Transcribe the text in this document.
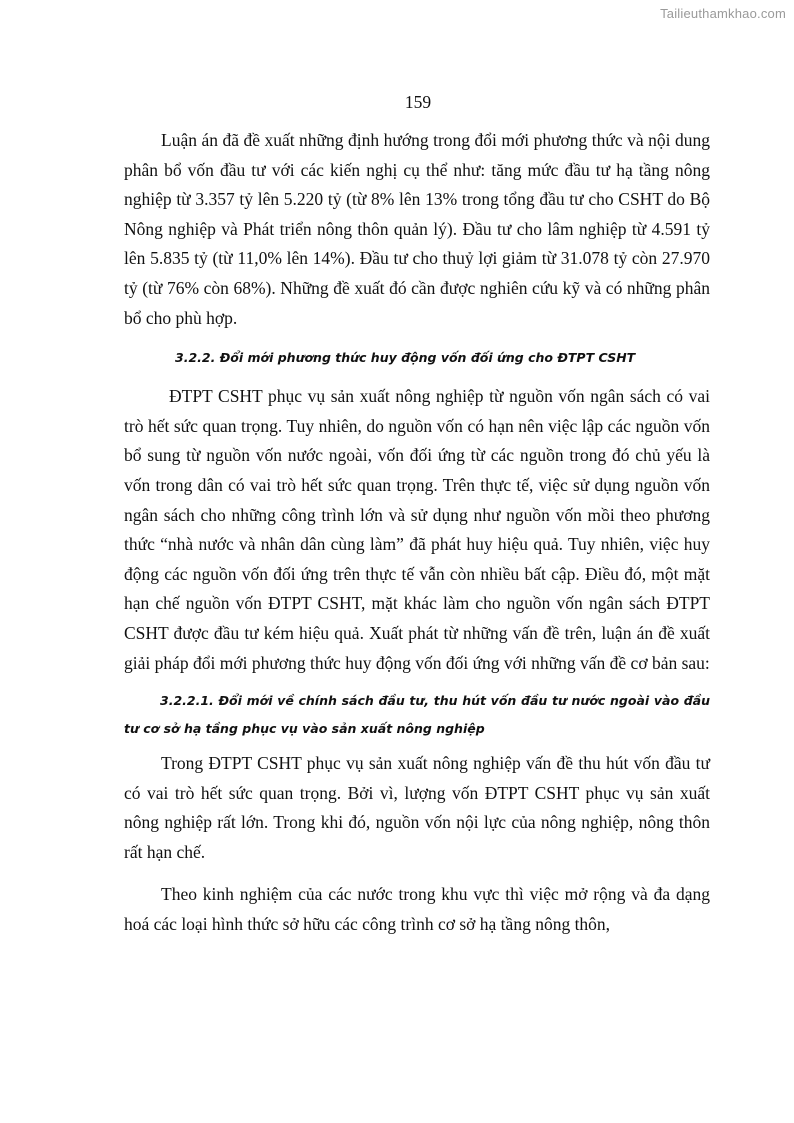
Tailieuthamkhao.com
159

Luận án đã đề xuất những định hướng trong đổi mới phương thức và nội dung phân bổ vốn đầu tư với các kiến nghị cụ thể như: tăng mức đầu tư hạ tầng nông nghiệp từ 3.357 tỷ lên 5.220 tỷ (từ 8% lên 13% trong tổng đầu tư cho CSHT do Bộ Nông nghiệp và Phát triển nông thôn quản lý). Đầu tư cho lâm nghiệp từ 4.591 tỷ lên 5.835 tỷ (từ 11,0% lên 14%). Đầu tư cho thuỷ lợi giảm từ 31.078 tỷ còn 27.970 tỷ (từ 76% còn 68%). Những đề xuất đó cần được nghiên cứu kỹ và có những phân bổ cho phù hợp.

3.2.2. Đổi mới phương thức huy động vốn đối ứng cho ĐTPT CSHT

ĐTPT CSHT phục vụ sản xuất nông nghiệp từ nguồn vốn ngân sách có vai trò hết sức quan trọng. Tuy nhiên, do nguồn vốn có hạn nên việc lập các nguồn vốn bổ sung từ nguồn vốn nước ngoài, vốn đối ứng từ các nguồn trong đó chủ yếu là vốn trong dân có vai trò hết sức quan trọng. Trên thực tế, việc sử dụng nguồn vốn ngân sách cho những công trình lớn và sử dụng như nguồn vốn mồi theo phương thức “nhà nước và nhân dân cùng làm” đã phát huy hiệu quả. Tuy nhiên, việc huy động các nguồn vốn đối ứng trên thực tế vẫn còn nhiều bất cập. Điều đó, một mặt hạn chế nguồn vốn ĐTPT CSHT, mặt khác làm cho nguồn vốn ngân sách ĐTPT CSHT được đầu tư kém hiệu quả. Xuất phát từ những vấn đề trên, luận án đề xuất giải pháp đổi mới phương thức huy động vốn đối ứng với những vấn đề cơ bản sau:

3.2.2.1. Đổi mới về chính sách đầu tư, thu hút vốn đầu tư nước ngoài vào đầu tư cơ sở hạ tầng phục vụ vào sản xuất nông nghiệp

Trong ĐTPT CSHT phục vụ sản xuất nông nghiệp vấn đề thu hút vốn đầu tư có vai trò hết sức quan trọng. Bởi vì, lượng vốn ĐTPT CSHT phục vụ sản xuất nông nghiệp rất lớn. Trong khi đó, nguồn vốn nội lực của nông nghiệp, nông thôn rất hạn chế.

Theo kinh nghiệm của các nước trong khu vực thì việc mở rộng và đa dạng hoá các loại hình thức sở hữu các công trình cơ sở hạ tầng nông thôn,
